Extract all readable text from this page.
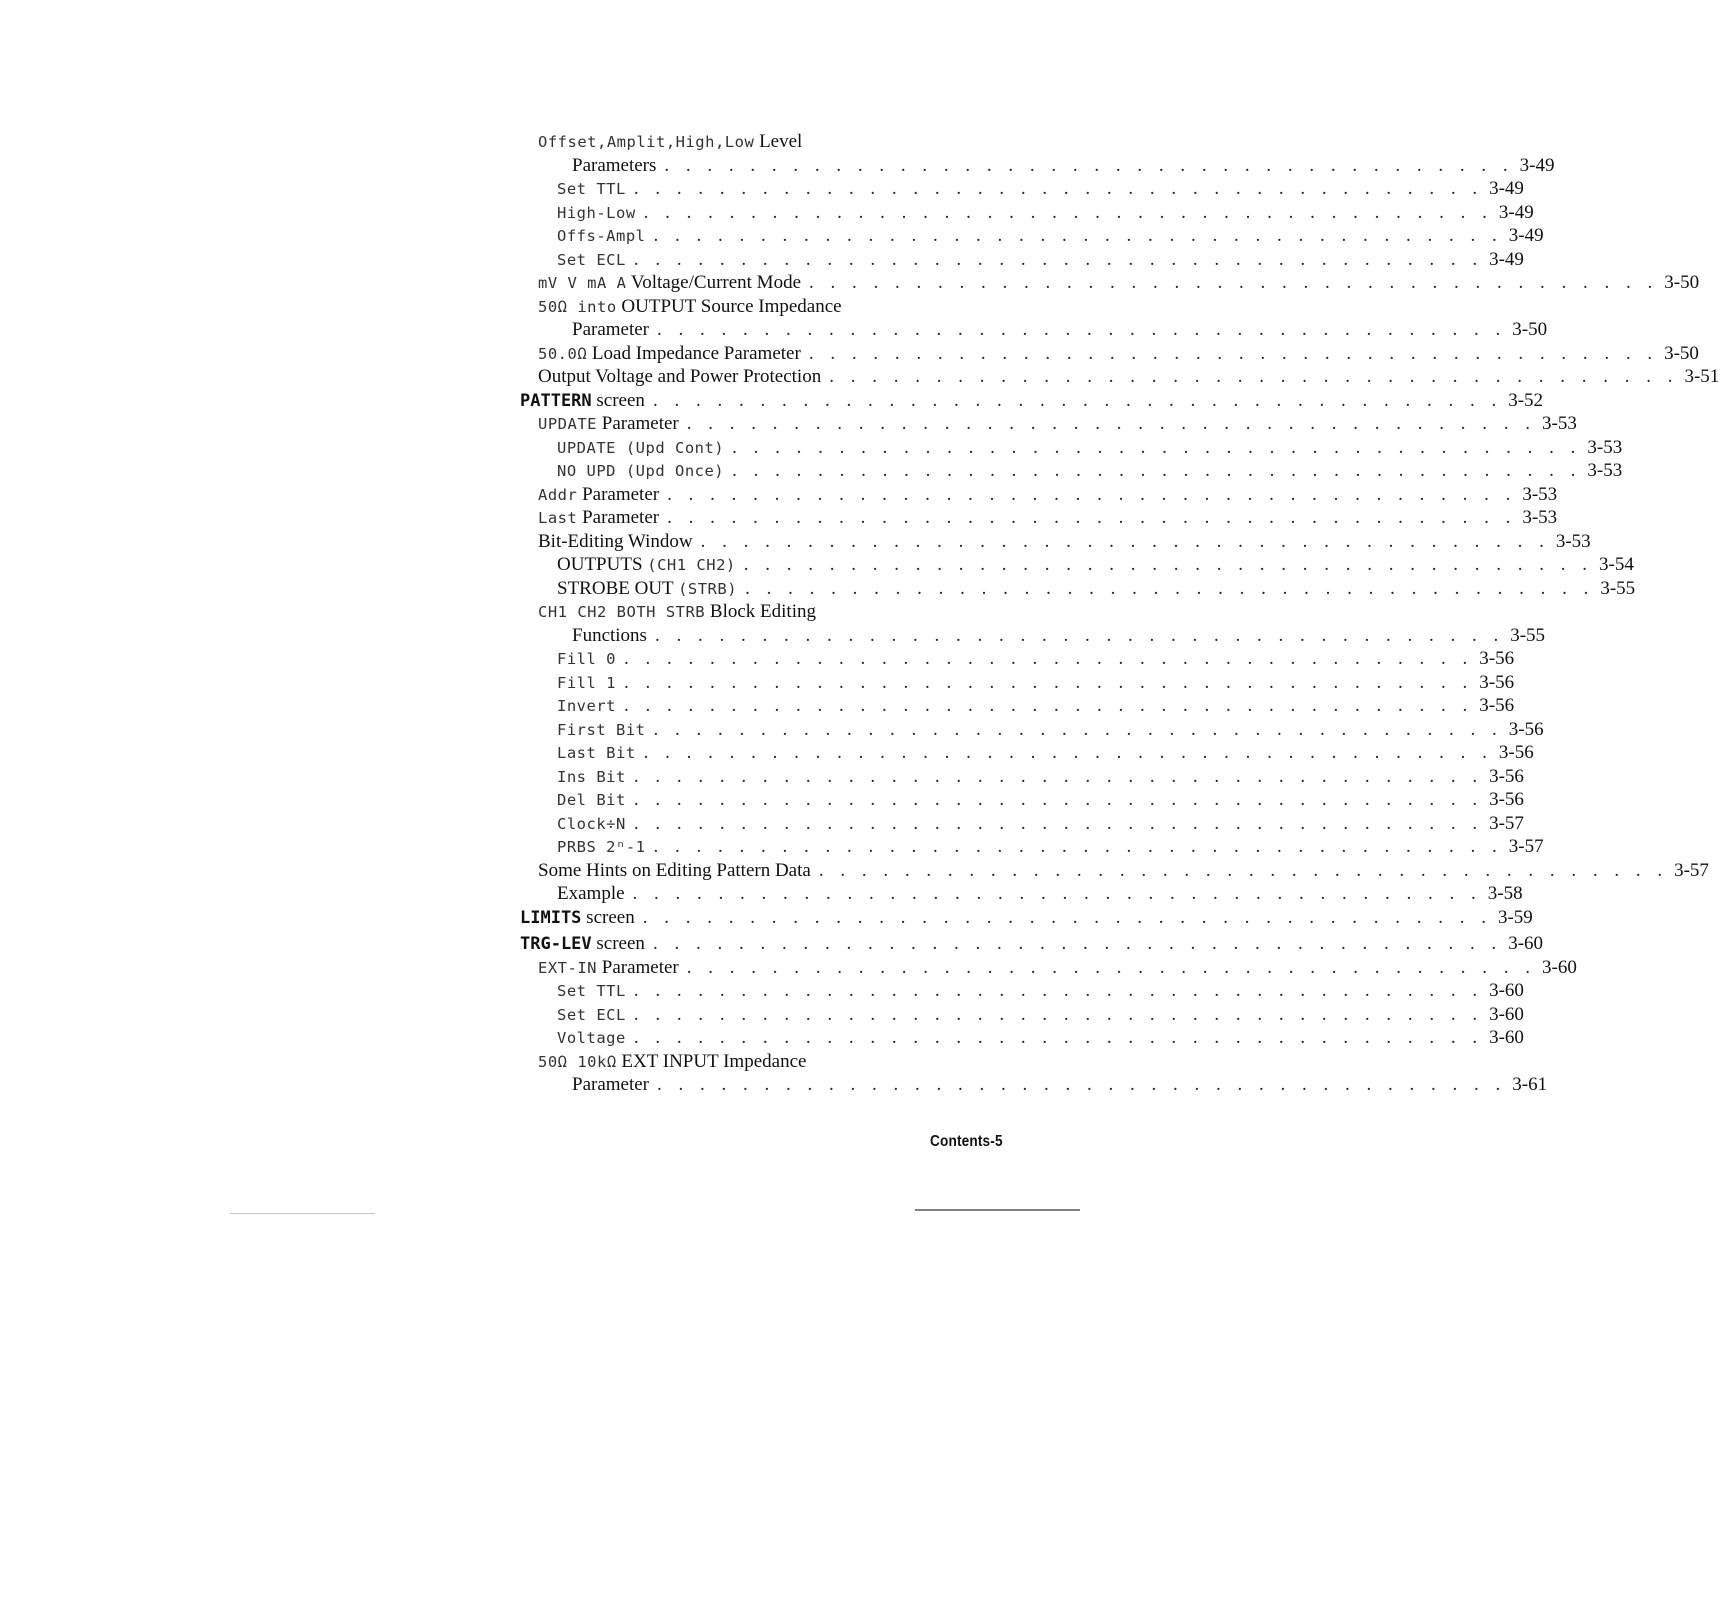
Offset,Amplit,High,Low Level
Parameters . . . . . . . . . . . . . . . . . . . . . . . . . . . . . . . . . . . . . . . . 3-49
Set TTL . . . . . . . . . . . . . . . . . . . . . . . . . . . . . . . . . . . . . . . . 3-49
High-Low . . . . . . . . . . . . . . . . . . . . . . . . . . . . . . . . . . . . . . . . 3-49
Offs-Ampl . . . . . . . . . . . . . . . . . . . . . . . . . . . . . . . . . . . . . . . . 3-49
Set ECL . . . . . . . . . . . . . . . . . . . . . . . . . . . . . . . . . . . . . . . . 3-49
mV V mA A Voltage/Current Mode . . . . . . . . . . . . . . . . . . . . . . . . . . . . . . . . . . . . . . . . 3-50
50Ω into OUTPUT Source Impedance
Parameter . . . . . . . . . . . . . . . . . . . . . . . . . . . . . . . . . . . . . . . . 3-50
50.0Ω Load Impedance Parameter . . . . . . . . . . . . . . . . . . . . . . . . . . . . . . . . . . . . . . . . 3-50
Output Voltage and Power Protection . . . . . . . . . . . . . . . . . . . . . . . . . . . . . . . . . . . . . . . . 3-51
PATTERN screen . . . . . . . . . . . . . . . . . . . . . . . . . . . . . . . . . . . . . . . . 3-52
UPDATE Parameter . . . . . . . . . . . . . . . . . . . . . . . . . . . . . . . . . . . . . . . . 3-53
UPDATE (Upd Cont) . . . . . . . . . . . . . . . . . . . . . . . . . . . . . . . . . . . . . . . . 3-53
NO UPD (Upd Once) . . . . . . . . . . . . . . . . . . . . . . . . . . . . . . . . . . . . . . . . 3-53
Addr Parameter . . . . . . . . . . . . . . . . . . . . . . . . . . . . . . . . . . . . . . . . 3-53
Last Parameter . . . . . . . . . . . . . . . . . . . . . . . . . . . . . . . . . . . . . . . . 3-53
Bit-Editing Window . . . . . . . . . . . . . . . . . . . . . . . . . . . . . . . . . . . . . . . . 3-53
OUTPUTS (CH1 CH2) . . . . . . . . . . . . . . . . . . . . . . . . . . . . . . . . . . . . . . . . 3-54
STROBE OUT (STRB) . . . . . . . . . . . . . . . . . . . . . . . . . . . . . . . . . . . . . . . . 3-55
CH1 CH2 BOTH STRB Block Editing
Functions . . . . . . . . . . . . . . . . . . . . . . . . . . . . . . . . . . . . . . . . 3-55
Fill 0 . . . . . . . . . . . . . . . . . . . . . . . . . . . . . . . . . . . . . . . . 3-56
Fill 1 . . . . . . . . . . . . . . . . . . . . . . . . . . . . . . . . . . . . . . . . 3-56
Invert . . . . . . . . . . . . . . . . . . . . . . . . . . . . . . . . . . . . . . . . 3-56
First Bit . . . . . . . . . . . . . . . . . . . . . . . . . . . . . . . . . . . . . . . . 3-56
Last Bit . . . . . . . . . . . . . . . . . . . . . . . . . . . . . . . . . . . . . . . . 3-56
Ins Bit . . . . . . . . . . . . . . . . . . . . . . . . . . . . . . . . . . . . . . . . 3-56
Del Bit . . . . . . . . . . . . . . . . . . . . . . . . . . . . . . . . . . . . . . . . 3-56
Clock÷N . . . . . . . . . . . . . . . . . . . . . . . . . . . . . . . . . . . . . . . . 3-57
PRBS 2ⁿ-1 . . . . . . . . . . . . . . . . . . . . . . . . . . . . . . . . . . . . . . . . 3-57
Some Hints on Editing Pattern Data . . . . . . . . . . . . . . . . . . . . . . . . . . . . . . . . . . . . . . . . 3-57
Example . . . . . . . . . . . . . . . . . . . . . . . . . . . . . . . . . . . . . . . . 3-58
LIMITS screen . . . . . . . . . . . . . . . . . . . . . . . . . . . . . . . . . . . . . . . . 3-59
TRG-LEV screen . . . . . . . . . . . . . . . . . . . . . . . . . . . . . . . . . . . . . . . . 3-60
EXT-IN Parameter . . . . . . . . . . . . . . . . . . . . . . . . . . . . . . . . . . . . . . . . 3-60
Set TTL . . . . . . . . . . . . . . . . . . . . . . . . . . . . . . . . . . . . . . . . 3-60
Set ECL . . . . . . . . . . . . . . . . . . . . . . . . . . . . . . . . . . . . . . . . 3-60
Voltage . . . . . . . . . . . . . . . . . . . . . . . . . . . . . . . . . . . . . . . . 3-60
50Ω 10kΩ EXT INPUT Impedance
Parameter . . . . . . . . . . . . . . . . . . . . . . . . . . . . . . . . . . . . . . . . 3-61
Contents-5
